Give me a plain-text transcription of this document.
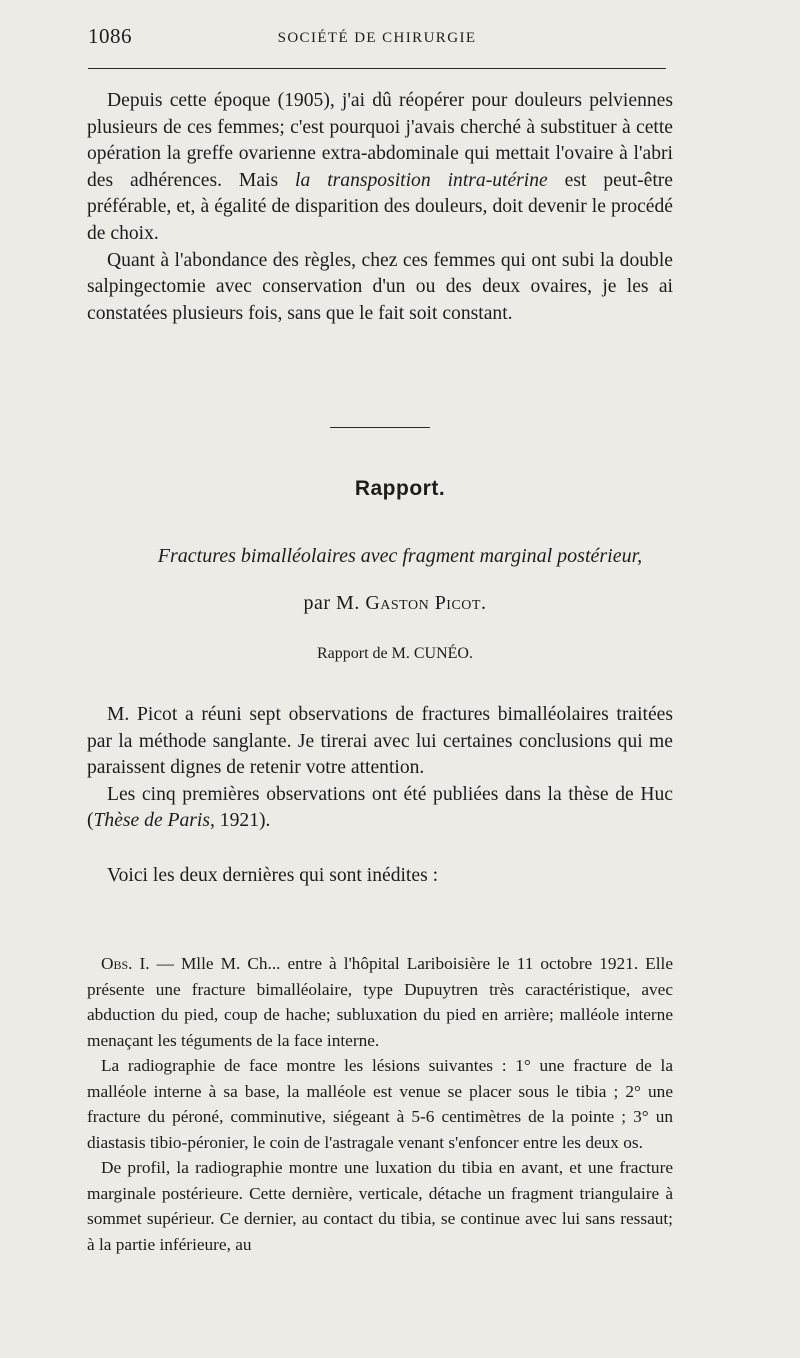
1086	SOCIÉTÉ DE CHIRURGIE

Depuis cette époque (1905), j'ai dû réopérer pour douleurs pelviennes plusieurs de ces femmes; c'est pourquoi j'avais cherché à substituer à cette opération la greffe ovarienne extra-abdominale qui mettait l'ovaire à l'abri des adhérences. Mais la transposition intra-utérine est peut-être préférable, et, à égalité de disparition des douleurs, doit devenir le procédé de choix.

Quant à l'abondance des règles, chez ces femmes qui ont subi la double salpingectomie avec conservation d'un ou des deux ovaires, je les ai constatées plusieurs fois, sans que le fait soit constant.

Rapport.
Fractures bimalléolaires avec fragment marginal postérieur,
par M. Gaston Picot.
Rapport de M. CUNÉO.

M. Picot a réuni sept observations de fractures bimalléolaires traitées par la méthode sanglante. Je tirerai avec lui certaines conclusions qui me paraissent dignes de retenir votre attention.

Les cinq premières observations ont été publiées dans la thèse de Huc (Thèse de Paris, 1921).

Voici les deux dernières qui sont inédites :

Obs. I. — Mlle M. Ch... entre à l'hôpital Lariboisière le 11 octobre 1921. Elle présente une fracture bimalléolaire, type Dupuytren très caractéristique, avec abduction du pied, coup de hache; subluxation du pied en arrière; malléole interne menaçant les téguments de la face interne.

La radiographie de face montre les lésions suivantes : 1° une fracture de la malléole interne à sa base, la malléole est venue se placer sous le tibia ; 2° une fracture du péroné, comminutive, siégeant à 5-6 centimètres de la pointe ; 3° un diastasis tibio-péronier, le coin de l'astragale venant s'enfoncer entre les deux os.

De profil, la radiographie montre une luxation du tibia en avant, et une fracture marginale postérieure. Cette dernière, verticale, détache un fragment triangulaire à sommet supérieur. Ce dernier, au contact du tibia, se continue avec lui sans ressaut; à la partie inférieure, au
